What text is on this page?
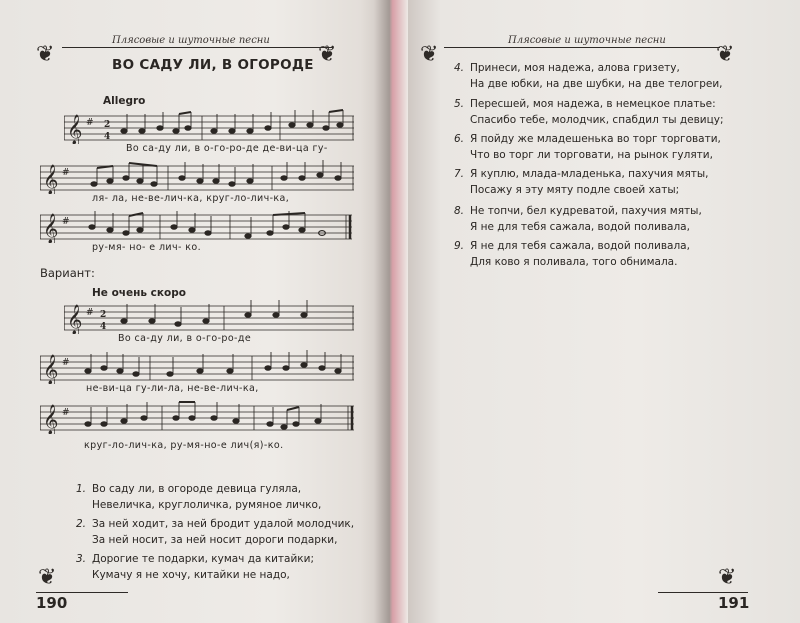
Плясовые и шуточные песни
❦	❦
ВО САДУ ЛИ, В ОГОРОДЕ
Allegro
𝄞 # 2
4
Во са-ду ли, в о-го-ро-де де-ви-ца гу-
𝄞 #
ля- ла, не-ве-лич-ка, круг-ло-лич-ка,
𝄞 #
ру-мя- но- е лич- ко.
Вариант:
Не очень скоро
𝄞 # 2
4
Во са-ду ли, в о-го-ро-де
𝄞 #
не-ви-ца гу-ли-ла, не-ве-лич-ка,
𝄞 #
круг-ло-лич-ка, ру-мя-но-е лич(я)-ко.
1. Во саду ли, в огороде девица гуляла,
Невеличка, круглоличка, румяное личко,
2. За ней ходит, за ней бродит удалой молодчик,
За ней носит, за ней носит дороги подарки,
3. Дорогие те подарки, кумач да китайки;
Кумачу я не хочу, китайки не надо,
❦
190
Плясовые и шуточные песни
❦	❦
4. Принеси, моя надежа, алова гризету,
На две юбки, на две шубки, на две телогреи,
5. Пересшей, моя надежа, в немецкое платье:
Спасибо тебе, молодчик, спабдил ты девицу;
6. Я пойду же младешенька во торг торговати,
Что во торг ли торговати, на рынок гуляти,
7. Я куплю, млада-младенька, пахучия мяты,
Посажу я эту мяту подле своей хаты;
8. Не топчи, бел кудреватой, пахучия мяты,
Я не для тебя сажала, водой поливала,
9. Я не для тебя сажала, водой поливала,
Для ково я поливала, того обнимала.
❦
191
